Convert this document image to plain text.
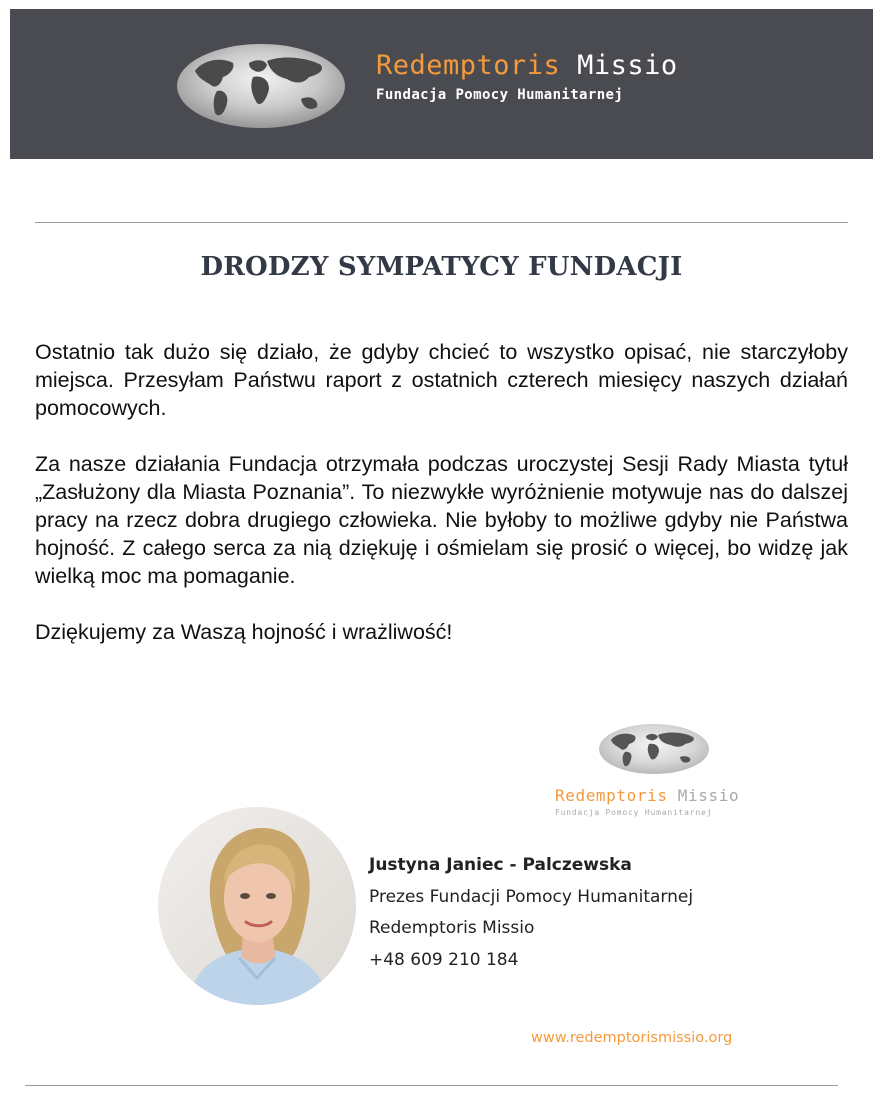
Redemptoris Missio
Fundacja Pomocy Humanitarnej
DRODZY SYMPATYCY FUNDACJI

Ostatnio tak dużo się działo, że gdyby chcieć to wszystko opisać, nie starczyłoby miejsca. Przesyłam Państwu raport z ostatnich czterech miesięcy naszych działań pomocowych.

Za nasze działania Fundacja otrzymała podczas uroczystej Sesji Rady Miasta tytuł „Zasłużony dla Miasta Poznania”. To niezwykłe wyróżnienie motywuje nas do dalszej pracy na rzecz dobra drugiego człowieka. Nie byłoby to możliwe gdyby nie Państwa hojność. Z całego serca za nią dziękuję i ośmielam się prosić o więcej, bo widzę jak wielką moc ma pomaganie.

Dziękujemy za Waszą hojność i wrażliwość!

Redemptoris Missio
Fundacja Pomocy Humanitarnej
Justyna Janiec - Palczewska
Prezes Fundacji Pomocy Humanitarnej
Redemptoris Missio
+48 609 210 184
www.redemptorismissio.org
